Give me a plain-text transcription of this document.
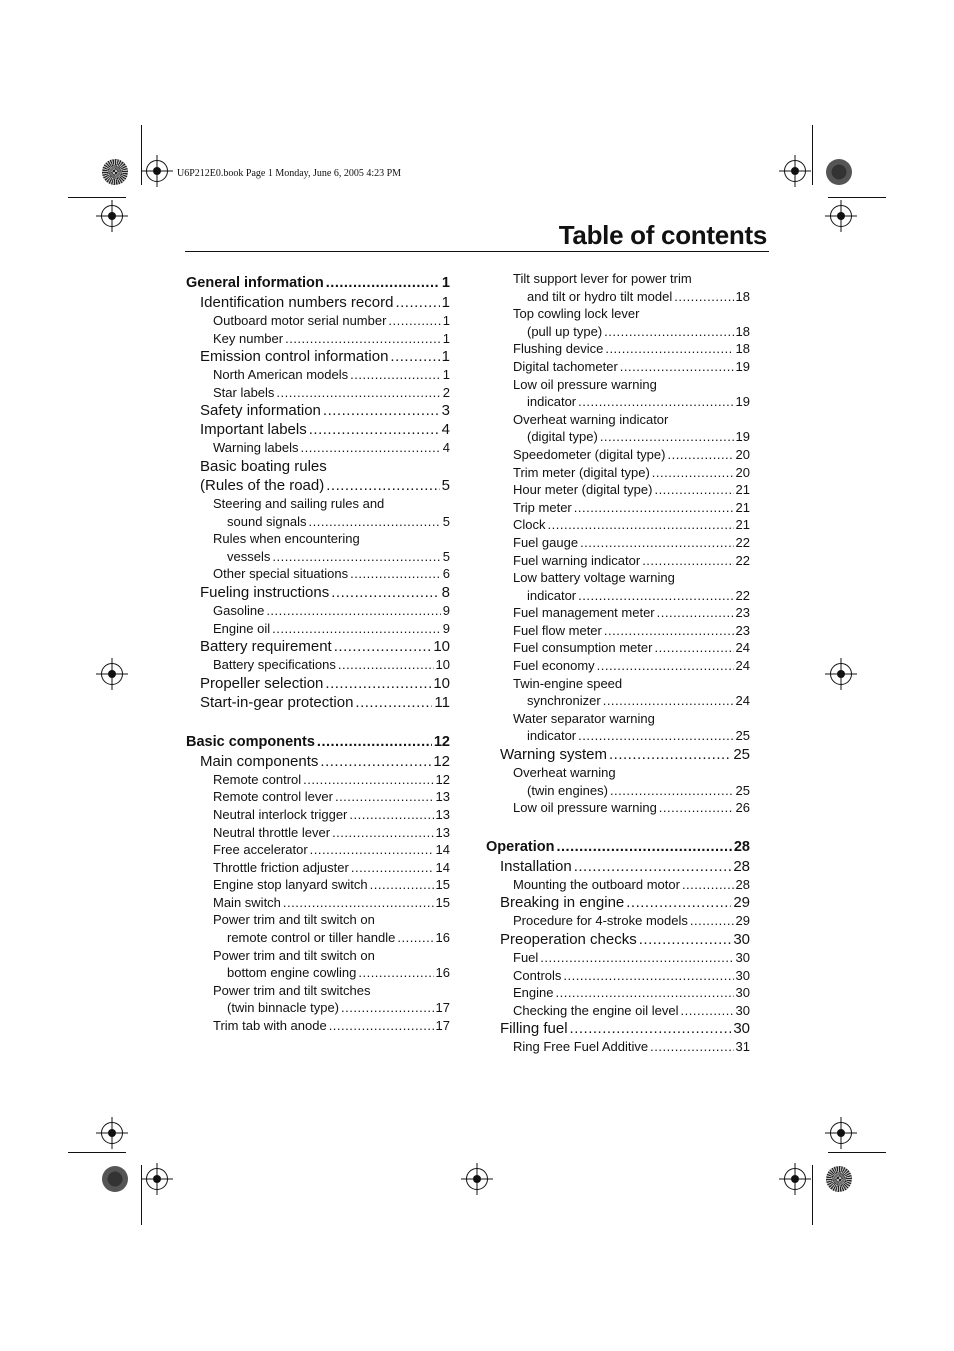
U6P212E0.book Page 1 Monday, June 6, 2005 4:23 PM
Table of contents
General information .....	1
Identification numbers record .....	1
Outboard motor serial number .....	1
Key number .....	1
Emission control information .....	1
North American models .....	1
Star labels .....	2
Safety information .....	3
Important labels .....	4
Warning labels .....	4
Basic boating rules
(Rules of the road) .....	5
Steering and sailing rules and
sound signals .....	5
Rules when encountering
vessels .....	5
Other special situations .....	6
Fueling instructions .....	8
Gasoline .....	9
Engine oil .....	9
Battery requirement .....	10
Battery specifications .....	10
Propeller selection .....	10
Start-in-gear protection .....	11
Basic components .....	12
Main components .....	12
Remote control .....	12
Remote control lever .....	13
Neutral interlock trigger .....	13
Neutral throttle lever .....	13
Free accelerator .....	14
Throttle friction adjuster .....	14
Engine stop lanyard switch .....	15
Main switch .....	15
Power trim and tilt switch on
remote control or tiller handle .....	16
Power trim and tilt switch on
bottom engine cowling .....	16
Power trim and tilt switches
(twin binnacle type) .....	17
Trim tab with anode .....	17
Tilt support lever for power trim
and tilt or hydro tilt model .....	18
Top cowling lock lever
(pull up type) .....	18
Flushing device .....	18
Digital tachometer .....	19
Low oil pressure warning
indicator .....	19
Overheat warning indicator
(digital type) .....	19
Speedometer (digital type) .....	20
Trim meter (digital type) .....	20
Hour meter (digital type) .....	21
Trip meter .....	21
Clock .....	21
Fuel gauge .....	22
Fuel warning indicator .....	22
Low battery voltage warning
indicator .....	22
Fuel management meter .....	23
Fuel flow meter .....	23
Fuel consumption meter .....	24
Fuel economy .....	24
Twin-engine speed
synchronizer .....	24
Water separator warning
indicator .....	25
Warning system .....	25
Overheat warning
(twin engines) .....	25
Low oil pressure warning .....	26
Operation .....	28
Installation .....	28
Mounting the outboard motor .....	28
Breaking in engine .....	29
Procedure for 4-stroke models .....	29
Preoperation checks .....	30
Fuel .....	30
Controls .....	30
Engine .....	30
Checking the engine oil level .....	30
Filling fuel .....	30
Ring Free Fuel Additive .....	31
